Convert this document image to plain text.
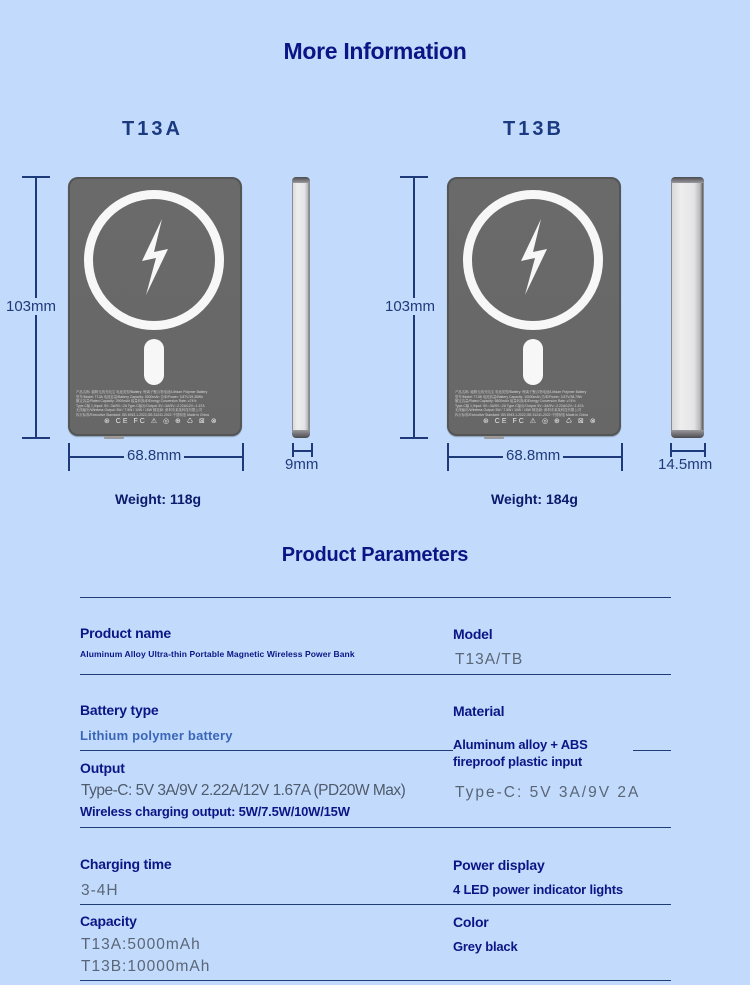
More Information
T13A
103mm
产品名称: 磁吸无线充电宝 电池类型/Battery: 锂离子聚合物电池/Lithium Polymer Battery
型号/Model: T13A 电池容量/Battery Capacity: 5000mAh 功率/Power: 3.87V/19.35Wh
额定容量/Rated Capacity: 2900mAh 能量转换率/Energy Conversion Rate: ≥74%
Type-C输入/Input: 5V⎓3A/9V⎓2A Type-C输出/Output: 5V⎓3A/9V⎓2.22A/12V⎓1.67A
无线输出/Wireless Output: 5W / 7.5W / 10W / 15W 制造商: 深圳市某某科技有限公司
执行标准/Executive Standard: GB 4943.1-2022,GB 31241-2022 中国制造 Made in China
⊛ CE FC ⚠ ◎ ⊕ ♺ ⊠ ⊗
68.8mm
9mm
Weight: 118g
T13B
103mm
产品名称: 磁吸无线充电宝 电池类型/Battery: 锂离子聚合物电池/Lithium Polymer Battery
型号/Model: T13B 电池容量/Battery Capacity: 10000mAh 功率/Power: 3.87V/38.7Wh
额定容量/Rated Capacity: 5800mAh 能量转换率/Energy Conversion Rate: ≥74%
Type-C输入/Input: 5V⎓3A/9V⎓2A Type-C输出/Output: 5V⎓3A/9V⎓2.22A/12V⎓1.67A
无线输出/Wireless Output: 5W / 7.5W / 10W / 15W 制造商: 深圳市某某科技有限公司
执行标准/Executive Standard: GB 4943.1-2022,GB 31241-2022 中国制造 Made in China
⊛ CE FC ⚠ ◎ ⊕ ♺ ⊠ ⊗
68.8mm
14.5mm
Weight: 184g
Product Parameters
Product name
Aluminum Alloy Ultra-thin Portable Magnetic Wireless Power Bank
Model
T13A/TB
Battery type
Lithium polymer battery
Material
Aluminum alloy + ABS fireproof plastic input
Output
Type-C: 5V 3A/9V 2.22A/12V 1.67A (PD20W Max)
Wireless charging output: 5W/7.5W/10W/15W
Type-C: 5V 3A/9V 2A
Charging time
3-4H
Power display
4 LED power indicator lights
Capacity
T13A:5000mAh
T13B:10000mAh
Color
Grey black
